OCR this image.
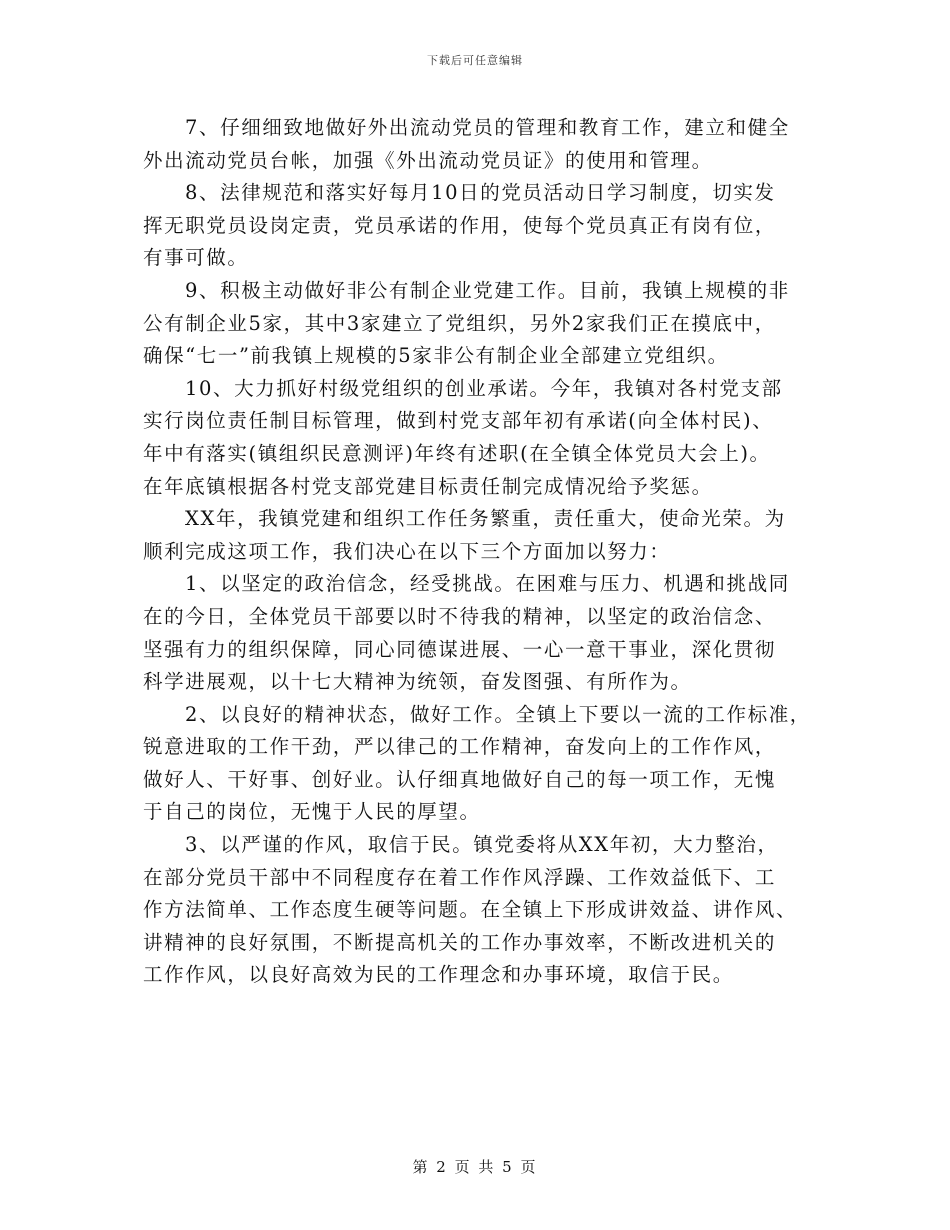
下载后可任意编辑
7、仔细细致地做好外出流动党员的管理和教育工作，建立和健全
外出流动党员台帐，加强《外出流动党员证》的使用和管理。
8、法律规范和落实好每月10日的党员活动日学习制度，切实发
挥无职党员设岗定责，党员承诺的作用，使每个党员真正有岗有位，
有事可做。
9、积极主动做好非公有制企业党建工作。目前，我镇上规模的非
公有制企业5家，其中3家建立了党组织，另外2家我们正在摸底中，
确保“七一”前我镇上规模的5家非公有制企业全部建立党组织。
10、大力抓好村级党组织的创业承诺。今年，我镇对各村党支部
实行岗位责任制目标管理，做到村党支部年初有承诺(向全体村民)、
年中有落实(镇组织民意测评)年终有述职(在全镇全体党员大会上)。
在年底镇根据各村党支部党建目标责任制完成情况给予奖惩。
XX年，我镇党建和组织工作任务繁重，责任重大，使命光荣。为
顺利完成这项工作，我们决心在以下三个方面加以努力：
1、以坚定的政治信念，经受挑战。在困难与压力、机遇和挑战同
在的今日，全体党员干部要以时不待我的精神，以坚定的政治信念、
坚强有力的组织保障，同心同德谋进展、一心一意干事业，深化贯彻
科学进展观，以十七大精神为统领，奋发图强、有所作为。
2、以良好的精神状态，做好工作。全镇上下要以一流的工作标准，
锐意进取的工作干劲，严以律己的工作精神，奋发向上的工作作风，
做好人、干好事、创好业。认仔细真地做好自己的每一项工作，无愧
于自己的岗位，无愧于人民的厚望。
3、以严谨的作风，取信于民。镇党委将从XX年初，大力整治，
在部分党员干部中不同程度存在着工作作风浮躁、工作效益低下、工
作方法简单、工作态度生硬等问题。在全镇上下形成讲效益、讲作风、
讲精神的良好氛围，不断提高机关的工作办事效率，不断改进机关的
工作作风，以良好高效为民的工作理念和办事环境，取信于民。
第 2 页 共 5 页
